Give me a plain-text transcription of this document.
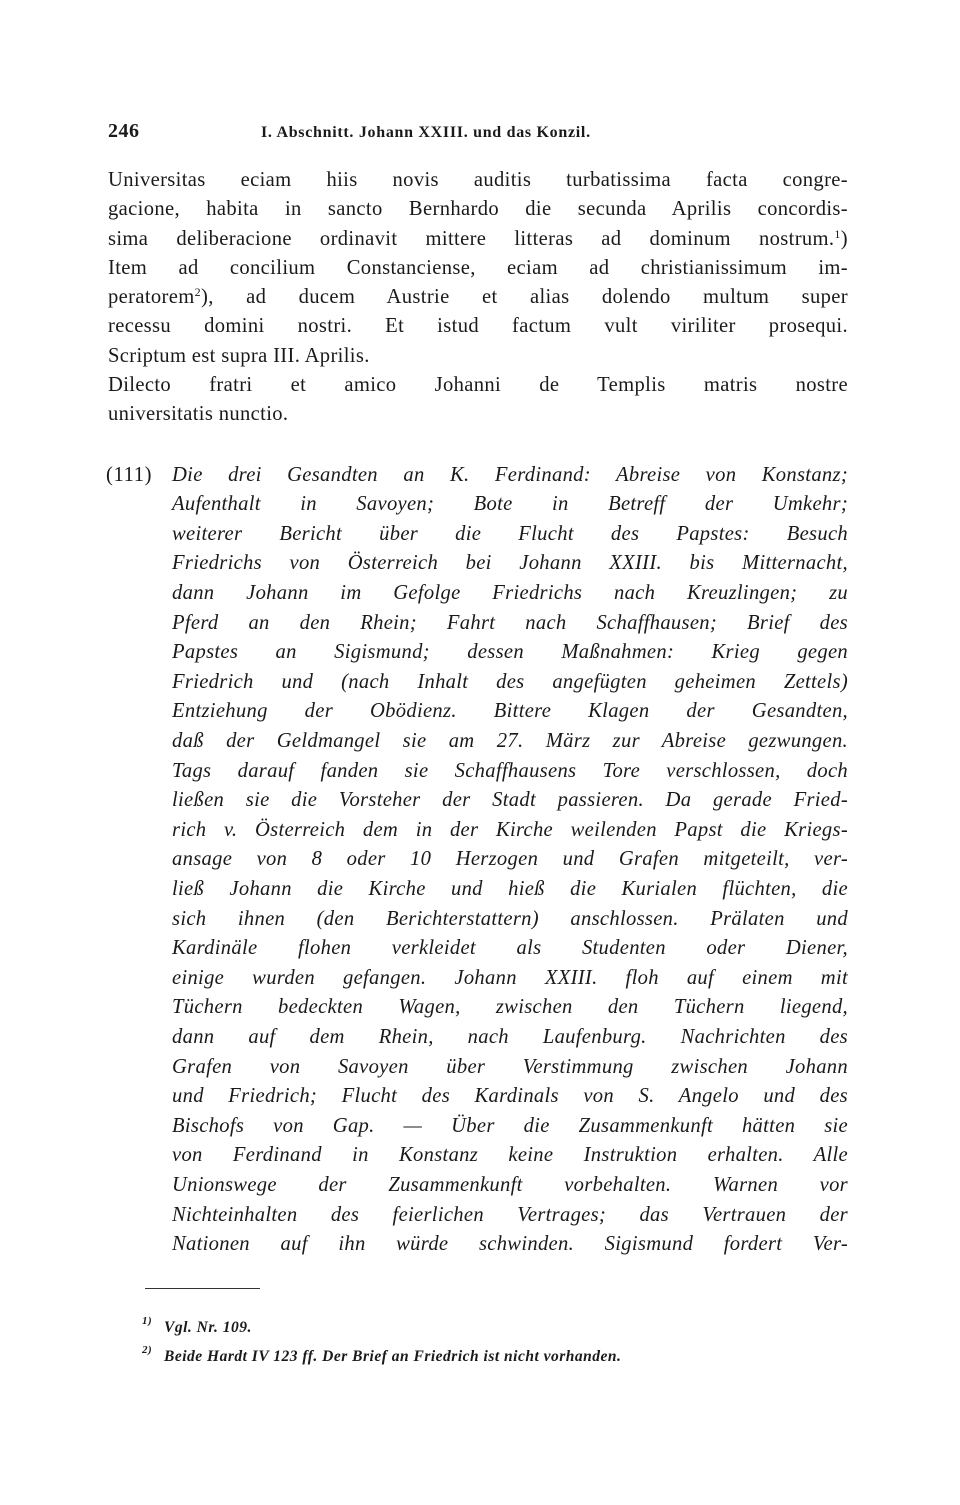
246	I. Abschnitt. Johann XXIII. und das Konzil.
Universitas eciam hiis novis auditis turbatissima facta congre-
gacione, habita in sancto Bernhardo die secunda Aprilis concordis-
sima deliberacione ordinavit mittere litteras ad dominum nostrum.$^1$)
Item ad concilium Constanciense, eciam ad christianissimum im-
peratorem$^2$), ad ducem Austrie et alias dolendo multum super
recessu domini nostri. Et istud factum vult viriliter prosequi.
Scriptum est supra III. Aprilis.
Dilecto fratri et amico Johanni de Templis matris nostre
universitatis nunctio.
(111) Die drei Gesandten an K. Ferdinand: Abreise von Konstanz;
Aufenthalt in Savoyen; Bote in Betreff der Umkehr;
weiterer Bericht über die Flucht des Papstes: Besuch
Friedrichs von Österreich bei Johann XXIII. bis Mitternacht,
dann Johann im Gefolge Friedrichs nach Kreuzlingen; zu
Pferd an den Rhein; Fahrt nach Schaffhausen; Brief des
Papstes an Sigismund; dessen Maßnahmen: Krieg gegen
Friedrich und (nach Inhalt des angefügten geheimen Zettels)
Entziehung der Obödienz. Bittere Klagen der Gesandten,
daß der Geldmangel sie am 27. März zur Abreise gezwungen.
Tags darauf fanden sie Schaffhausens Tore verschlossen, doch
ließen sie die Vorsteher der Stadt passieren. Da gerade Fried-
rich v. Österreich dem in der Kirche weilenden Papst die Kriegs-
ansage von 8 oder 10 Herzogen und Grafen mitgeteilt, ver-
ließ Johann die Kirche und hieß die Kurialen flüchten, die
sich ihnen (den Berichterstattern) anschlossen. Prälaten und
Kardinäle flohen verkleidet als Studenten oder Diener,
einige wurden gefangen. Johann XXIII. floh auf einem mit
Tüchern bedeckten Wagen, zwischen den Tüchern liegend,
dann auf dem Rhein, nach Laufenburg. Nachrichten des
Grafen von Savoyen über Verstimmung zwischen Johann
und Friedrich; Flucht des Kardinals von S. Angelo und des
Bischofs von Gap. — Über die Zusammenkunft hätten sie
von Ferdinand in Konstanz keine Instruktion erhalten. Alle
Unionswege der Zusammenkunft vorbehalten. Warnen vor
Nichteinhalten des feierlichen Vertrages; das Vertrauen der
Nationen auf ihn würde schwinden. Sigismund fordert Ver-
1) Vgl. Nr. 109.
2) Beide Hardt IV 123 ff. Der Brief an Friedrich ist nicht vorhanden.
